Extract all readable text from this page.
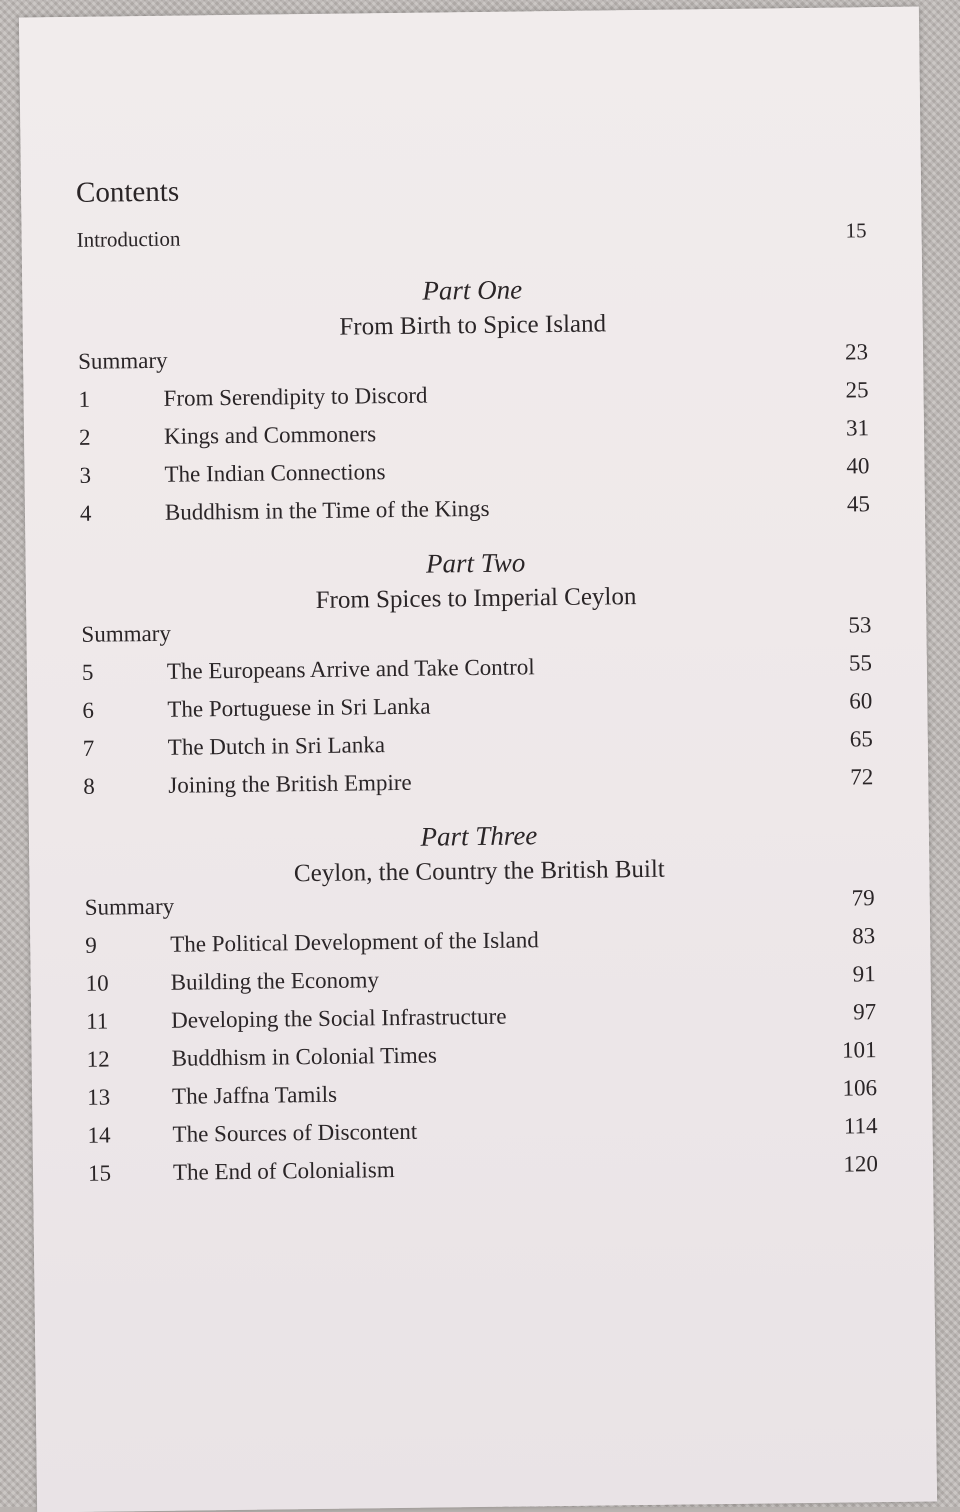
Contents
Introduction	15
Part One
From Birth to Spice Island
Summary	23
1	From Serendipity to Discord	25
2	Kings and Commoners	31
3	The Indian Connections	40
4	Buddhism in the Time of the Kings	45
Part Two
From Spices to Imperial Ceylon
Summary	53
5	The Europeans Arrive and Take Control	55
6	The Portuguese in Sri Lanka	60
7	The Dutch in Sri Lanka	65
8	Joining the British Empire	72
Part Three
Ceylon, the Country the British Built
Summary	79
9	The Political Development of the Island	83
10	Building the Economy	91
11	Developing the Social Infrastructure	97
12	Buddhism in Colonial Times	101
13	The Jaffna Tamils	106
14	The Sources of Discontent	114
15	The End of Colonialism	120
